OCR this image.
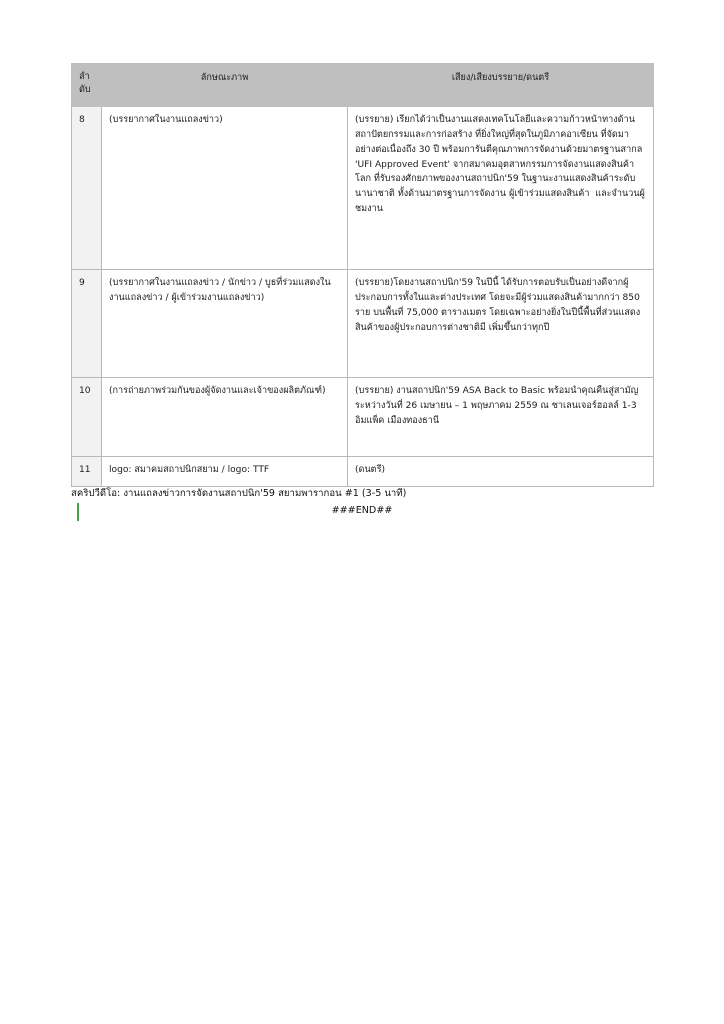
ลำ ดับ	ลักษณะภาพ	เสียง/เสียงบรรยาย/ดนตรี
8	(บรรยากาศในงานแถลงข่าว)	(บรรยาย) เรียกได้ว่าเป็นงานแสดงเทคโนโลยีและความก้าวหน้าทางด้านสถาปัตยกรรมและการก่อสร้าง ที่ยิ่งใหญ่ที่สุดในภูมิภาคอาเซียน ที่จัดมาอย่างต่อเนื่องถึง 30 ปี พร้อมการันตีคุณภาพการจัดงานด้วยมาตรฐานสากล 'UFI Approved Event' จากสมาคมอุตสาหกรรมการจัดงานแสดงสินค้าโลก ที่รับรองศักยภาพของงานสถาปนิก'59 ในฐานะงานแสดงสินค้าระดับนานาชาติ ทั้งด้านมาตรฐานการจัดงาน ผู้เข้าร่วมแสดงสินค้า  และจำนวนผู้ชมงาน

9	(บรรยากาศในงานแถลงข่าว / นักข่าว / บูธที่ร่วมแสดงในงานแถลงข่าว / ผู้เข้าร่วมงานแถลงข่าว)	(บรรยาย)โดยงานสถาปนิก'59 ในปีนี้ ได้รับการตอบรับเป็นอย่างดีจากผู้ประกอบการทั้งในและต่างประเทศ โดยจะมีผู้ร่วมแสดงสินค้ามากกว่า 850 ราย บนพื้นที่ 75,000 ตารางเมตร โดยเฉพาะอย่างยิ่งในปีนี้พื้นที่ส่วนแสดงสินค้าของผู้ประกอบการต่างชาติมี เพิ่มขึ้นกว่าทุกปี

10	(การถ่ายภาพร่วมกันของผู้จัดงานและเจ้าของผลิตภัณฑ์)	(บรรยาย) งานสถาปนิก'59 ASA Back to Basic พร้อมนำคุณคืนสู่สามัญระหว่างวันที่ 26 เมษายน – 1 พฤษภาคม 2559 ณ ชาเลนเจอร์ฮอลล์ 1-3 อิมแพ็ค เมืองทองธานี

11	logo: สมาคมสถาปนิกสยาม / logo: TTF	(ดนตรี)
สคริปวีดีโอ: งานแถลงข่าวการจัดงานสถาปนิก'59 สยามพารากอน #1 (3-5 นาที)
###END##
